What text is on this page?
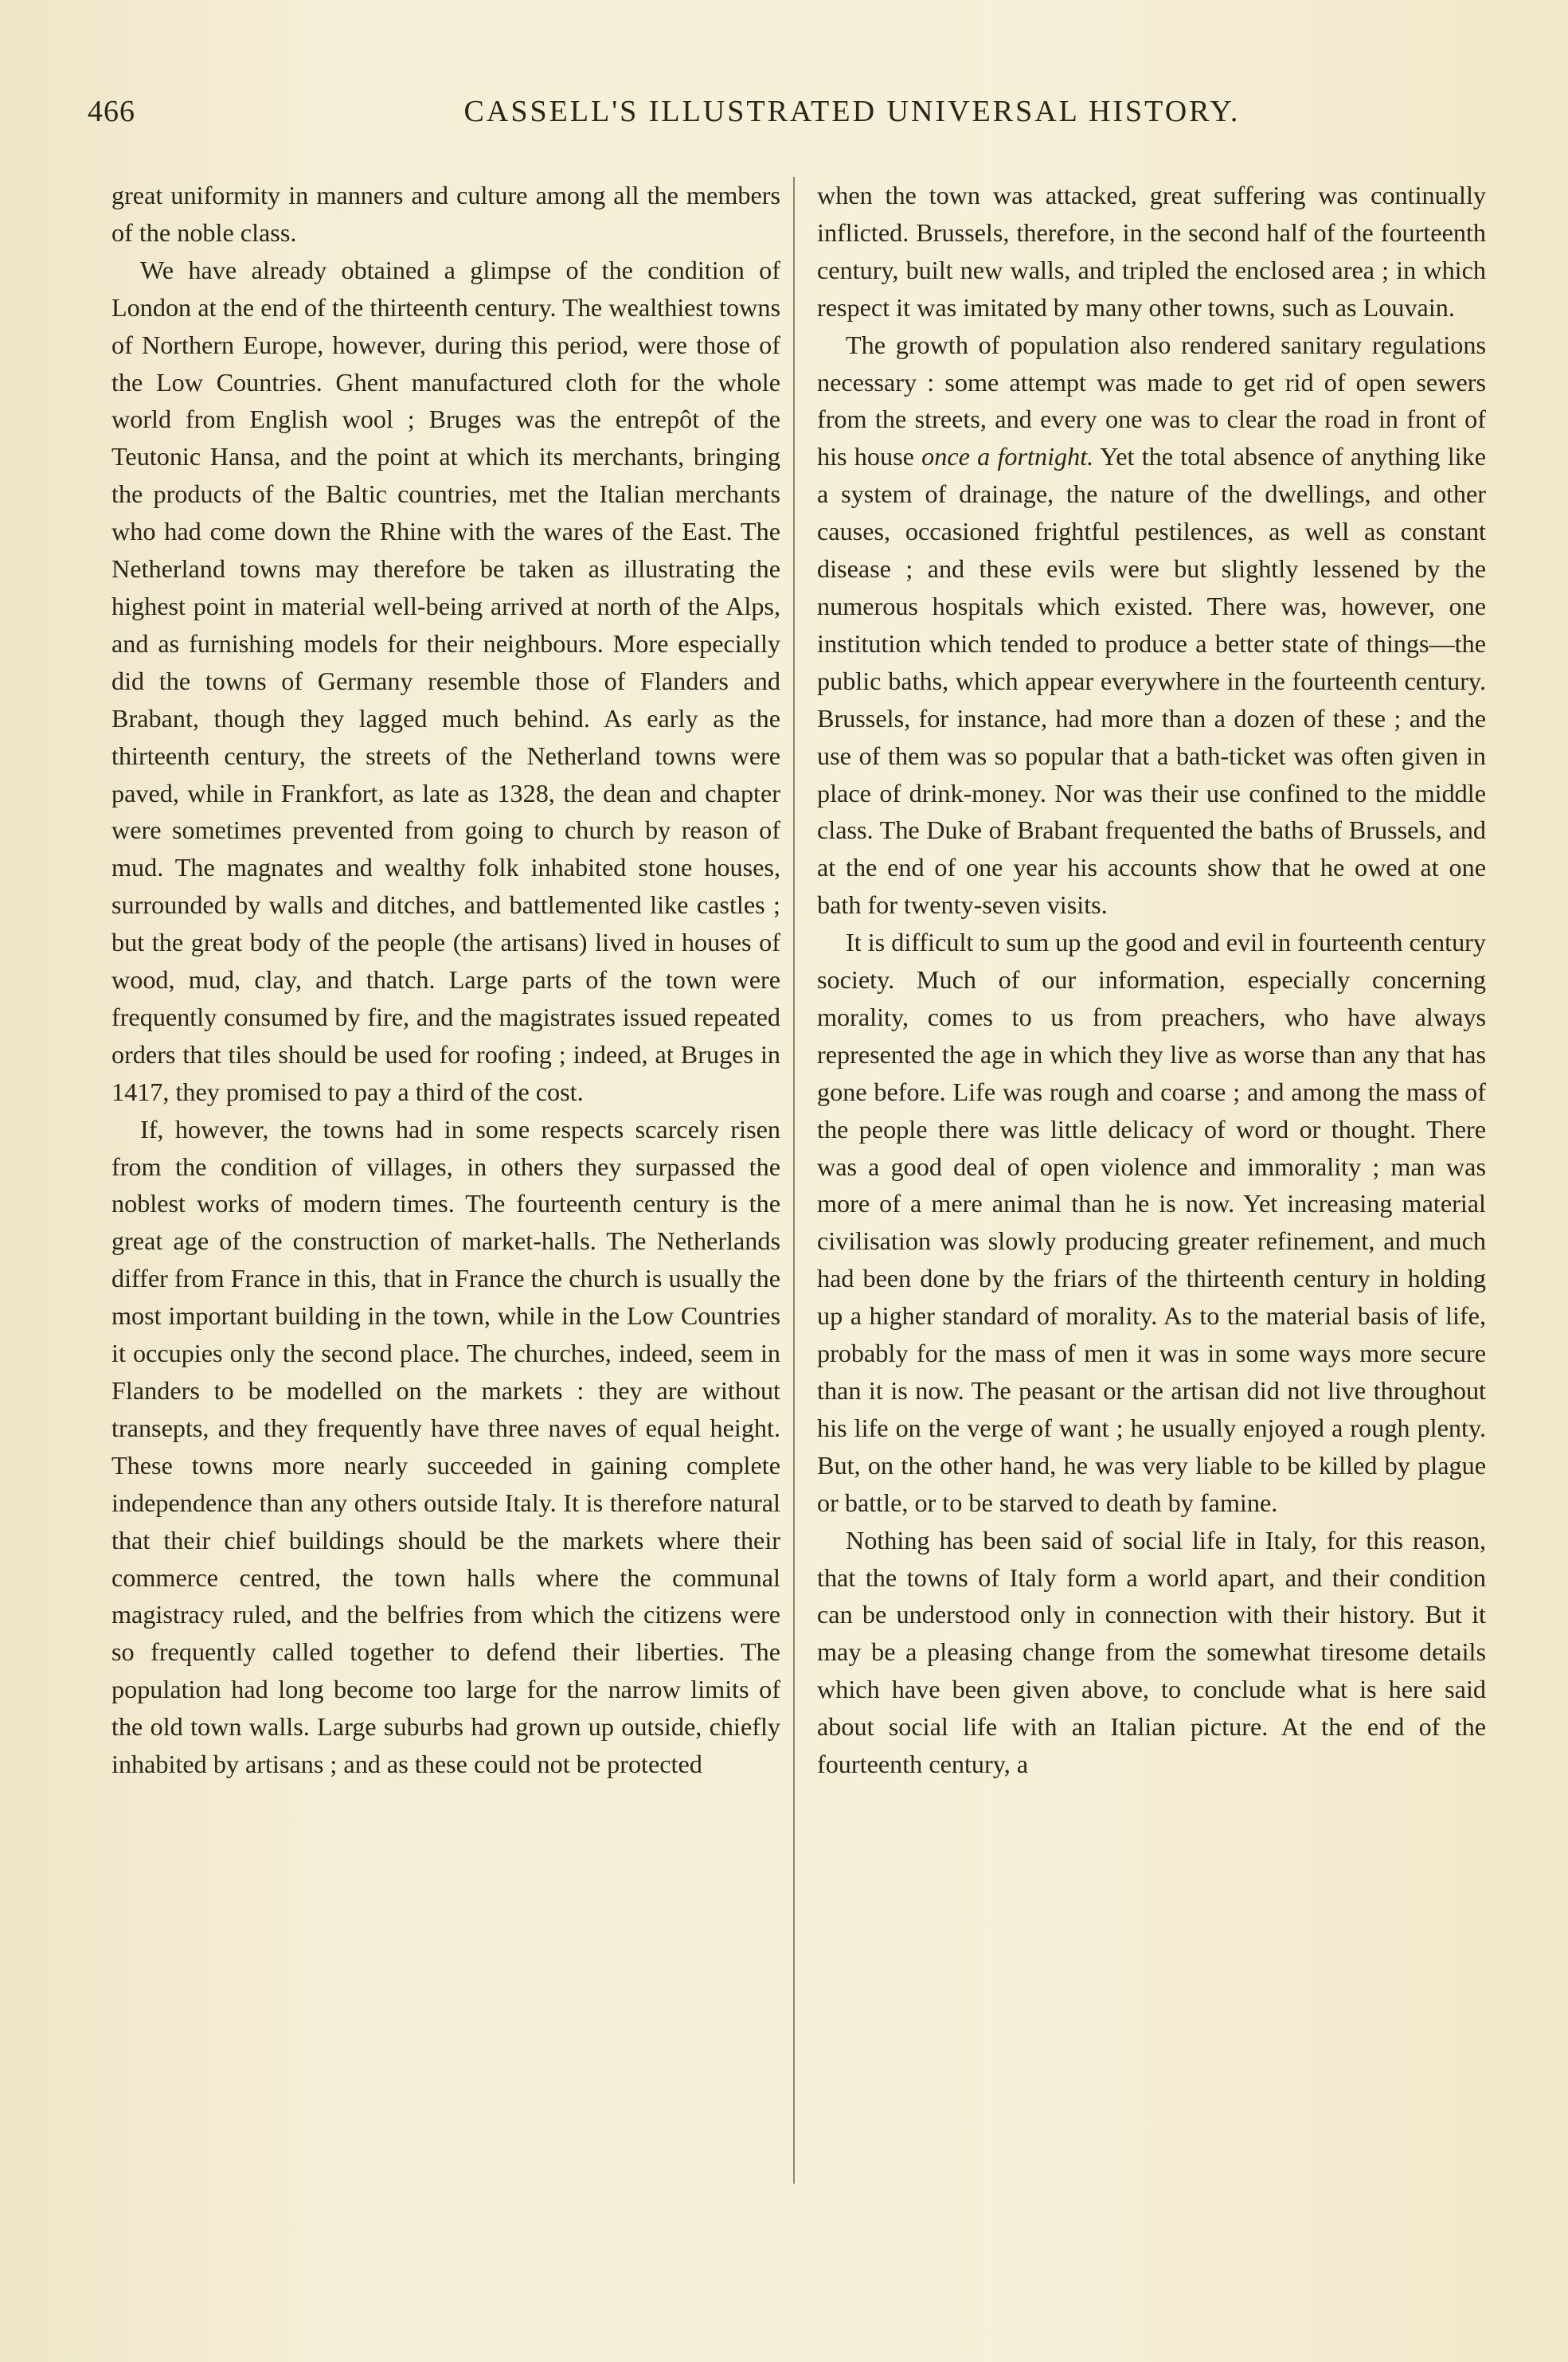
466	CASSELL'S ILLUSTRATED UNIVERSAL HISTORY.

great uniformity in manners and culture among all the members of the noble class.

We have already obtained a glimpse of the condition of London at the end of the thirteenth century. The wealthiest towns of Northern Europe, however, during this period, were those of the Low Countries. Ghent manufactured cloth for the whole world from English wool ; Bruges was the entrepôt of the Teutonic Hansa, and the point at which its merchants, bringing the products of the Baltic countries, met the Italian merchants who had come down the Rhine with the wares of the East. The Netherland towns may therefore be taken as illustrating the highest point in material well-being arrived at north of the Alps, and as furnishing models for their neighbours. More especially did the towns of Germany resemble those of Flanders and Brabant, though they lagged much behind. As early as the thirteenth century, the streets of the Netherland towns were paved, while in Frankfort, as late as 1328, the dean and chapter were sometimes prevented from going to church by reason of mud. The magnates and wealthy folk inhabited stone houses, surrounded by walls and ditches, and battlemented like castles ; but the great body of the people (the artisans) lived in houses of wood, mud, clay, and thatch. Large parts of the town were frequently consumed by fire, and the magistrates issued repeated orders that tiles should be used for roofing ; indeed, at Bruges in 1417, they promised to pay a third of the cost.

If, however, the towns had in some respects scarcely risen from the condition of villages, in others they surpassed the noblest works of modern times. The fourteenth century is the great age of the construction of market-halls. The Netherlands differ from France in this, that in France the church is usually the most important building in the town, while in the Low Countries it occupies only the second place. The churches, indeed, seem in Flanders to be modelled on the markets : they are without transepts, and they frequently have three naves of equal height. These towns more nearly succeeded in gaining complete independence than any others outside Italy. It is therefore natural that their chief buildings should be the markets where their commerce centred, the town halls where the communal magistracy ruled, and the belfries from which the citizens were so frequently called together to defend their liberties. The population had long become too large for the narrow limits of the old town walls. Large suburbs had grown up outside, chiefly inhabited by artisans ; and as these could not be protected

when the town was attacked, great suffering was continually inflicted. Brussels, therefore, in the second half of the fourteenth century, built new walls, and tripled the enclosed area ; in which respect it was imitated by many other towns, such as Louvain.

The growth of population also rendered sanitary regulations necessary : some attempt was made to get rid of open sewers from the streets, and every one was to clear the road in front of his house once a fortnight. Yet the total absence of anything like a system of drainage, the nature of the dwellings, and other causes, occasioned frightful pestilences, as well as constant disease ; and these evils were but slightly lessened by the numerous hospitals which existed. There was, however, one institution which tended to produce a better state of things—the public baths, which appear everywhere in the fourteenth century. Brussels, for instance, had more than a dozen of these ; and the use of them was so popular that a bath-ticket was often given in place of drink-money. Nor was their use confined to the middle class. The Duke of Brabant frequented the baths of Brussels, and at the end of one year his accounts show that he owed at one bath for twenty-seven visits.

It is difficult to sum up the good and evil in fourteenth century society. Much of our information, especially concerning morality, comes to us from preachers, who have always represented the age in which they live as worse than any that has gone before. Life was rough and coarse ; and among the mass of the people there was little delicacy of word or thought. There was a good deal of open violence and immorality ; man was more of a mere animal than he is now. Yet increasing material civilisation was slowly producing greater refinement, and much had been done by the friars of the thirteenth century in holding up a higher standard of morality. As to the material basis of life, probably for the mass of men it was in some ways more secure than it is now. The peasant or the artisan did not live throughout his life on the verge of want ; he usually enjoyed a rough plenty. But, on the other hand, he was very liable to be killed by plague or battle, or to be starved to death by famine.

Nothing has been said of social life in Italy, for this reason, that the towns of Italy form a world apart, and their condition can be understood only in connection with their history. But it may be a pleasing change from the somewhat tiresome details which have been given above, to conclude what is here said about social life with an Italian picture. At the end of the fourteenth century, a
